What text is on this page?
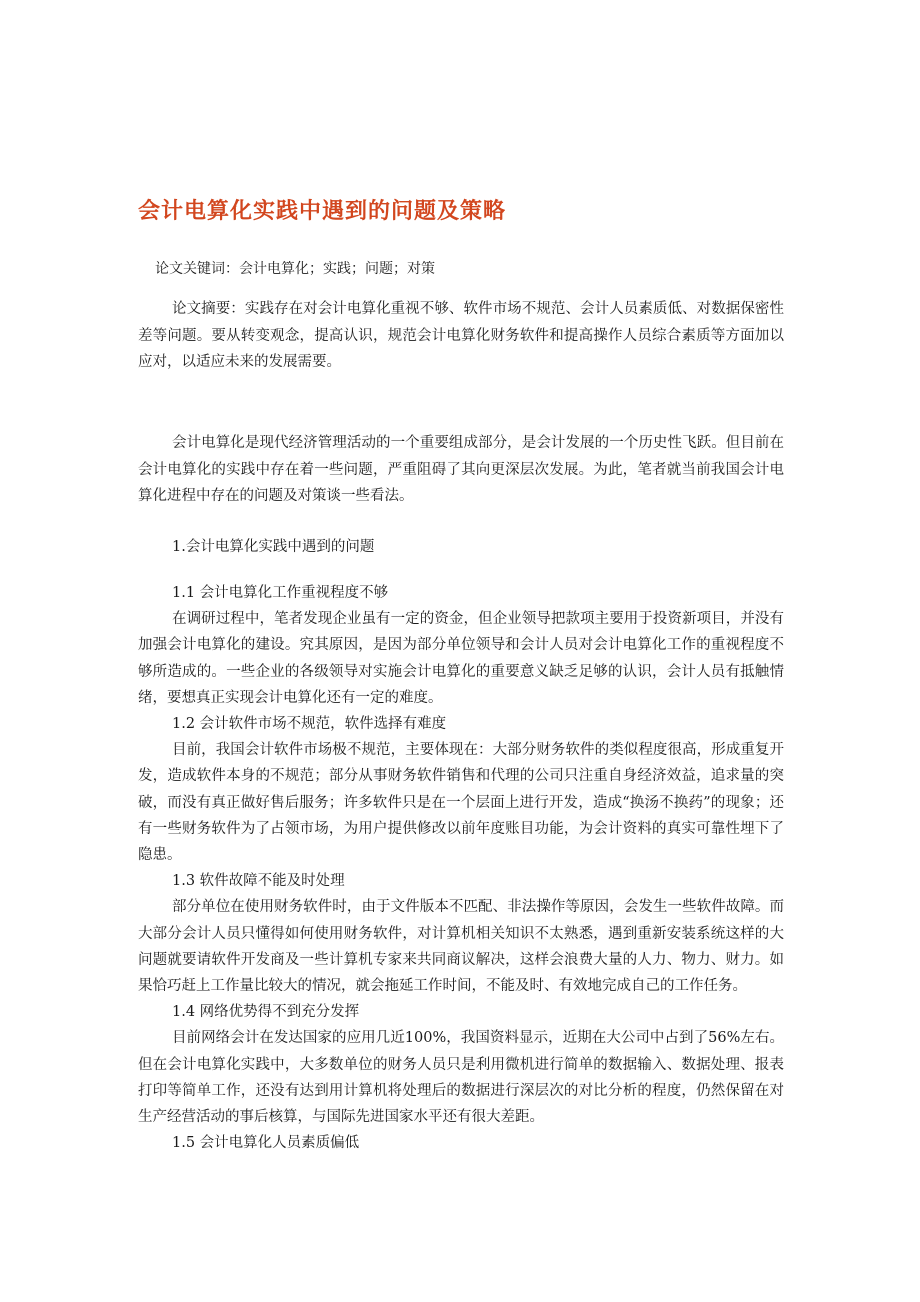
会计电算化实践中遇到的问题及策略
论文关键词：会计电算化；实践；问题；对策

论文摘要：实践存在对会计电算化重视不够、软件市场不规范、会计人员素质低、对数据保密性差等问题。要从转变观念，提高认识，规范会计电算化财务软件和提高操作人员综合素质等方面加以应对，以适应未来的发展需要。

会计电算化是现代经济管理活动的一个重要组成部分，是会计发展的一个历史性飞跃。但目前在会计电算化的实践中存在着一些问题，严重阻碍了其向更深层次发展。为此，笔者就当前我国会计电算化进程中存在的问题及对策谈一些看法。

1.会计电算化实践中遇到的问题

1.1 会计电算化工作重视程度不够

在调研过程中，笔者发现企业虽有一定的资金，但企业领导把款项主要用于投资新项目，并没有加强会计电算化的建设。究其原因，是因为部分单位领导和会计人员对会计电算化工作的重视程度不够所造成的。一些企业的各级领导对实施会计电算化的重要意义缺乏足够的认识，会计人员有抵触情绪，要想真正实现会计电算化还有一定的难度。

1.2 会计软件市场不规范，软件选择有难度

目前，我国会计软件市场极不规范，主要体现在：大部分财务软件的类似程度很高，形成重复开发，造成软件本身的不规范；部分从事财务软件销售和代理的公司只注重自身经济效益，追求量的突破，而没有真正做好售后服务；许多软件只是在一个层面上进行开发，造成“换汤不换药”的现象；还有一些财务软件为了占领市场，为用户提供修改以前年度账目功能，为会计资料的真实可靠性埋下了隐患。

1.3 软件故障不能及时处理

部分单位在使用财务软件时，由于文件版本不匹配、非法操作等原因，会发生一些软件故障。而大部分会计人员只懂得如何使用财务软件，对计算机相关知识不太熟悉，遇到重新安装系统这样的大问题就要请软件开发商及一些计算机专家来共同商议解决，这样会浪费大量的人力、物力、财力。如果恰巧赶上工作量比较大的情况，就会拖延工作时间，不能及时、有效地完成自己的工作任务。

1.4 网络优势得不到充分发挥

目前网络会计在发达国家的应用几近100%，我国资料显示，近期在大公司中占到了56%左右。但在会计电算化实践中，大多数单位的财务人员只是利用微机进行简单的数据输入、数据处理、报表打印等简单工作，还没有达到用计算机将处理后的数据进行深层次的对比分析的程度，仍然保留在对生产经营活动的事后核算，与国际先进国家水平还有很大差距。

1.5 会计电算化人员素质偏低
